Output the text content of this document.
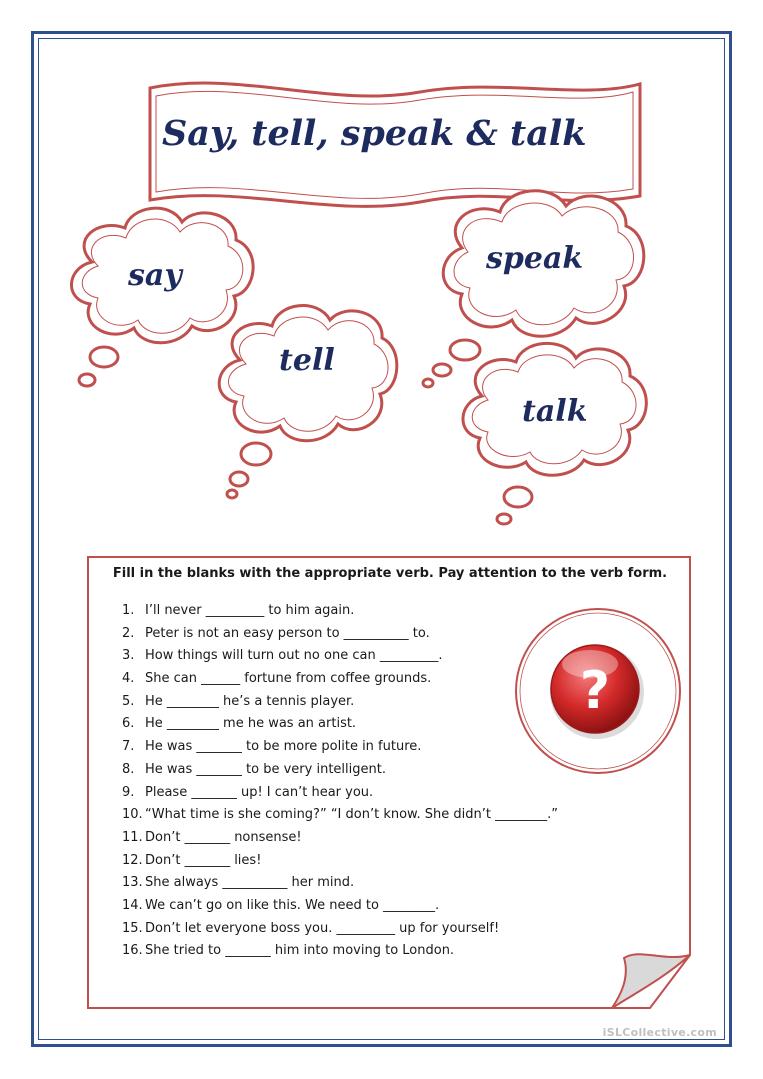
?
Say, tell, speak & talk
say
tell
speak
talk
Fill in the blanks with the appropriate verb. Pay attention to the verb form.
1. I’ll never _________ to him again.
2. Peter is not an easy person to __________ to.
3. How things will turn out no one can _________.
4. She can ______ fortune from coffee grounds.
5. He ________ he’s a tennis player.
6. He ________ me he was an artist.
7. He was _______ to be more polite in future.
8. He was _______ to be very intelligent.
9. Please _______ up! I can’t hear you.
10. “What time is she coming?” “I don’t know. She didn’t ________.”
11. Don’t _______ nonsense!
12. Don’t _______ lies!
13. She always __________ her mind.
14. We can’t go on like this. We need to ________.
15. Don’t let everyone boss you. _________ up for yourself!
16. She tried to _______ him into moving to London.
iSLCollective.com
